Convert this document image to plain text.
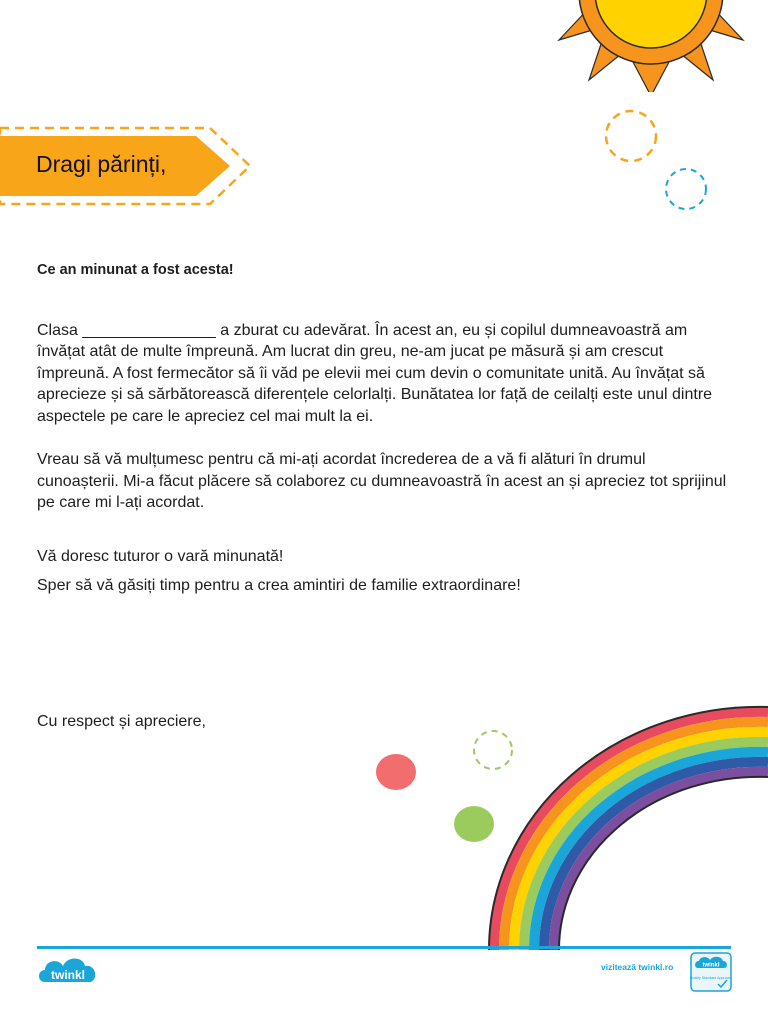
Dragi părinți,

Ce an minunat a fost acesta!

Clasa _______________ a zburat cu adevărat. În acest an, eu și copilul dumneavoastră am învățat atât de multe împreună. Am lucrat din greu, ne-am jucat pe măsură și am crescut împreună. A fost fermecător să îi văd pe elevii mei cum devin o comunitate unită. Au învățat să aprecieze și să sărbătorească diferențele celorlalți. Bunătatea lor față de ceilalți este unul dintre aspectele pe care le apreciez cel mai mult la ei.

Vreau să vă mulțumesc pentru că mi-ați acordat încrederea de a vă fi alături în drumul cunoașterii. Mi-a făcut plăcere să colaborez cu dumneavoastră în acest an și apreciez tot sprijinul pe care mi l-ați acordat.

Vă doresc tuturor o vară minunată!

Sper să vă găsiți timp pentru a crea amintiri de familie extraordinare!

Cu respect și apreciere,
twinkl
vizitează twinkl.ro	twinkl
Quality Standard Approved
